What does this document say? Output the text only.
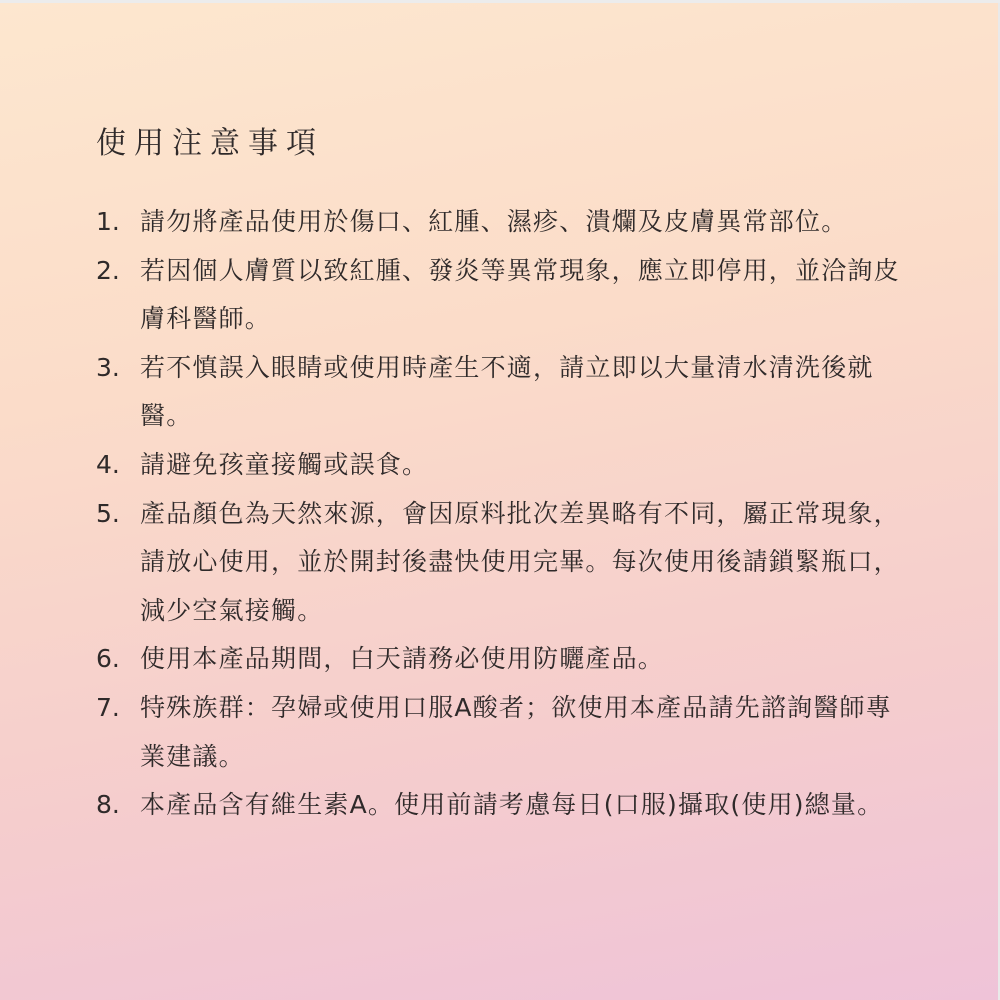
使用注意事項
1. 請勿將產品使用於傷口、紅腫、濕疹、潰爛及皮膚異常部位。
2. 若因個人膚質以致紅腫、發炎等異常現象，應立即停用，並洽詢皮膚科醫師。
3. 若不慎誤入眼睛或使用時產生不適，請立即以大量清水清洗後就醫。
4. 請避免孩童接觸或誤食。
5. 產品顏色為天然來源，會因原料批次差異略有不同，屬正常現象，請放心使用，並於開封後盡快使用完畢。每次使用後請鎖緊瓶口，減少空氣接觸。
6. 使用本產品期間，白天請務必使用防曬產品。
7. 特殊族群：孕婦或使用口服A酸者；欲使用本產品請先諮詢醫師專業建議。
8. 本產品含有維生素A。使用前請考慮每日(口服)攝取(使用)總量。
